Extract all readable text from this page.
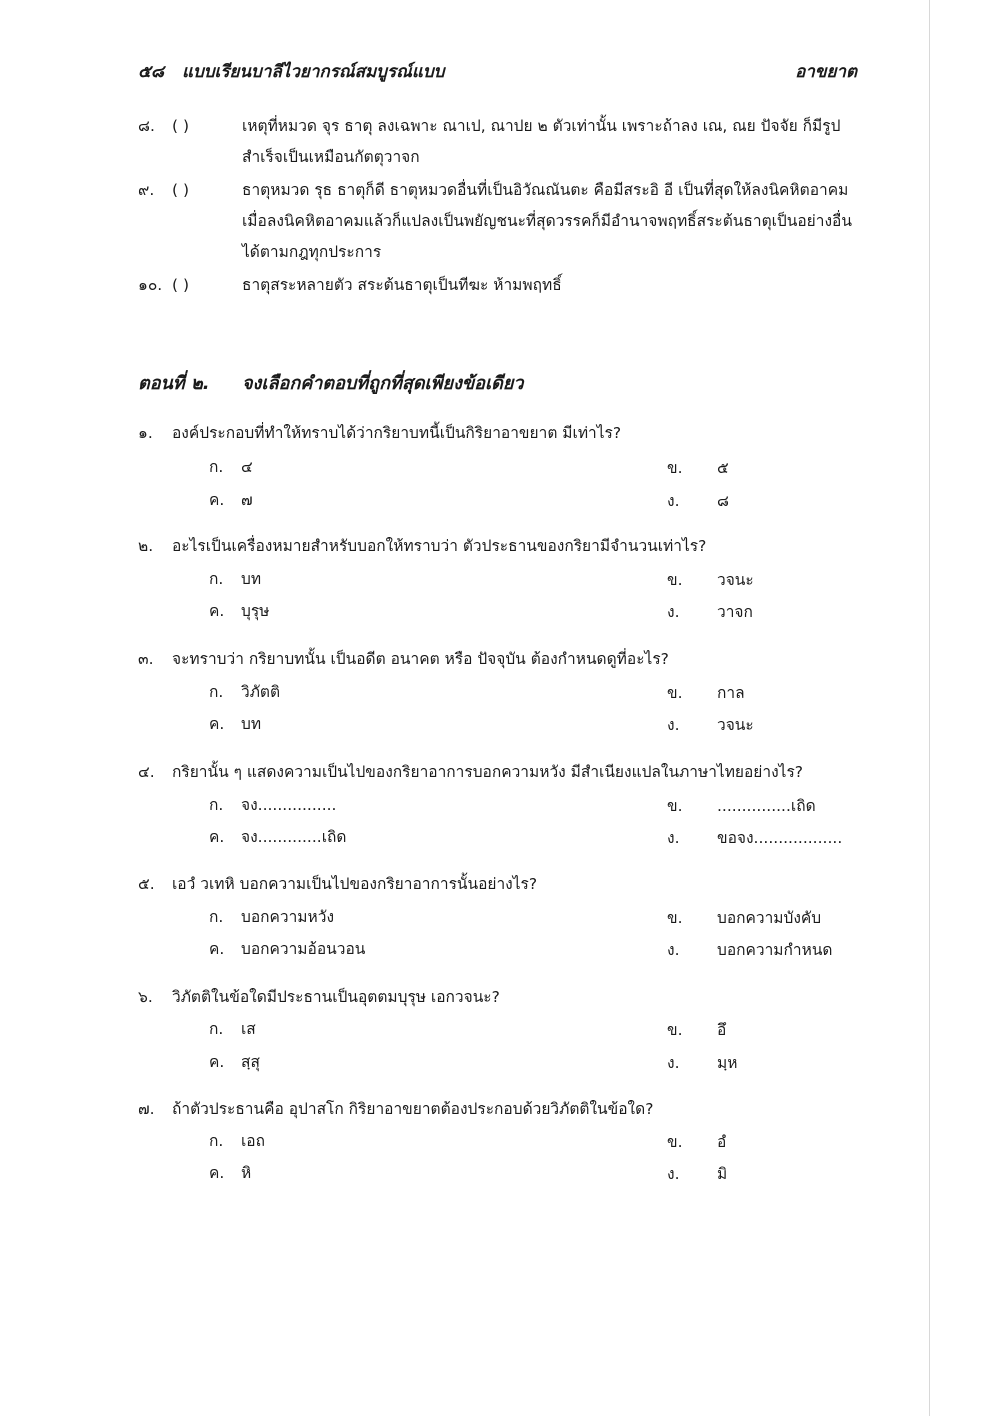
๕๘ แบบเรียนบาลีไวยากรณ์สมบูรณ์แบบ	อาขยาต
๘.	( )	เหตุที่หมวด จุร ธาตุ ลงเฉพาะ ณาเป, ณาปย ๒ ตัวเท่านั้น เพราะถ้าลง เณ, ณย ปัจจัย ก็มีรูปสำเร็จเป็นเหมือนกัตตุวาจก
๙.	( )	ธาตุหมวด รุธ ธาตุก็ดี ธาตุหมวดอื่นที่เป็นอิวัณณันตะ คือมีสระอิ อี เป็นที่สุดให้ลงนิคหิตอาคม เมื่อลงนิคหิตอาคมแล้วก็แปลงเป็นพยัญชนะที่สุดวรรคก็มีอำนาจพฤทธิ์สระต้นธาตุเป็นอย่างอื่นได้ตามกฎทุกประการ
๑๐. ( )	ธาตุสระหลายตัว สระต้นธาตุเป็นทีฆะ ห้ามพฤทธิ์
ตอนที่ ๒. จงเลือกคำตอบที่ถูกที่สุดเพียงข้อเดียว
๑. องค์ประกอบที่ทำให้ทราบได้ว่ากริยาบทนี้เป็นกิริยาอาขยาต มีเท่าไร?
ก. ๔	ข. ๕
ค. ๗	ง. ๘
๒. อะไรเป็นเครื่องหมายสำหรับบอกให้ทราบว่า ตัวประธานของกริยามีจำนวนเท่าไร?
ก. บท	ข. วจนะ
ค. บุรุษ	ง. วาจก
๓. จะทราบว่า กริยาบทนั้น เป็นอดีต อนาคต หรือ ปัจจุบัน ต้องกำหนดดูที่อะไร?
ก. วิภัตติ	ข. กาล
ค. บท	ง. วจนะ
๔. กริยานั้น ๆ แสดงความเป็นไปของกริยาอาการบอกความหวัง มีสำเนียงแปลในภาษาไทยอย่างไร?
ก. จง................	ข. ...............เถิด
ค. จง.............เถิด	ง. ขอจง..................
๕. เอวํ วเทหิ บอกความเป็นไปของกริยาอาการนั้นอย่างไร?
ก. บอกความหวัง	ข. บอกความบังคับ
ค. บอกความอ้อนวอน	ง. บอกความกำหนด
๖. วิภัตติในข้อใดมีประธานเป็นอุตตมบุรุษ เอกวจนะ?
ก. เส	ข. อึ
ค. สฺสุ	ง. มฺห
๗. ถ้าตัวประธานคือ อุปาสโก กิริยาอาขยาตต้องประกอบด้วยวิภัตติในข้อใด?
ก. เอถ	ข. อํ
ค. หิ	ง. มิ
